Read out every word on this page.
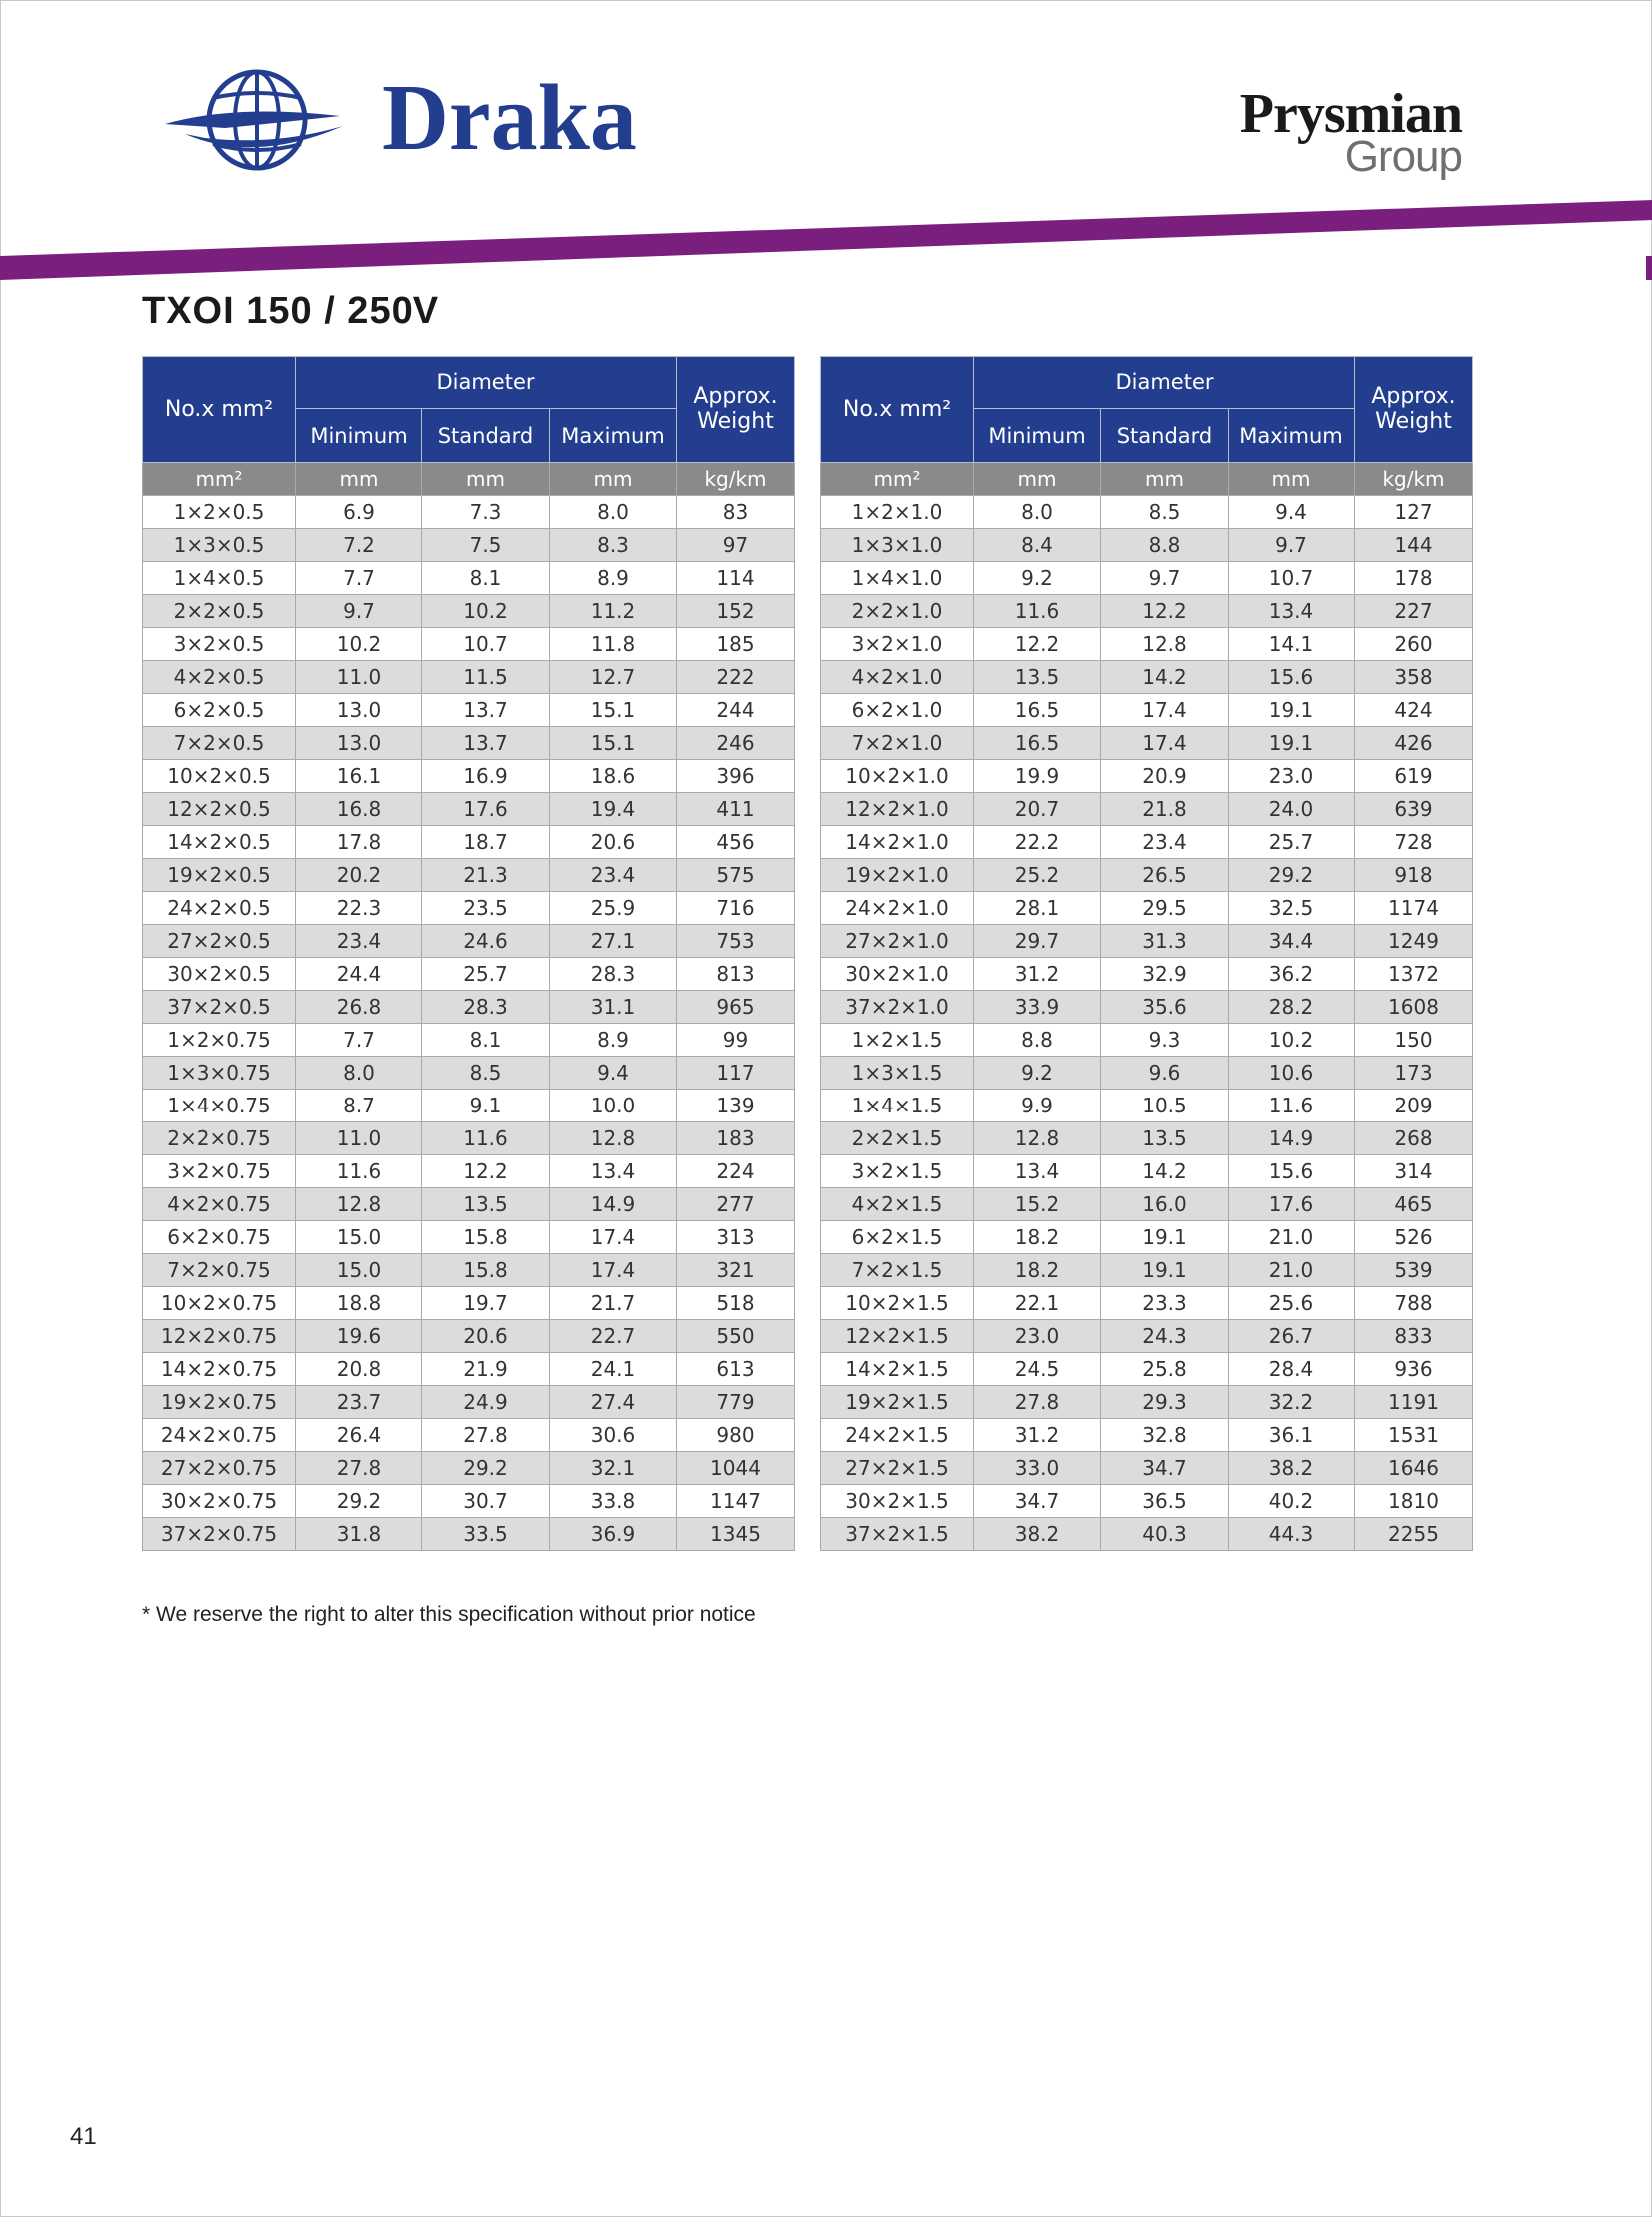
Draka	Prysmian
Group
TXOI 150 / 250V
No.x mm²	Diameter			Approx. Weight
	Minimum	Standard	Maximum	
mm²	mm	mm	mm	kg/km
1×2×0.5	6.9	7.3	8.0	83
1×3×0.5	7.2	7.5	8.3	97
1×4×0.5	7.7	8.1	8.9	114
2×2×0.5	9.7	10.2	11.2	152
3×2×0.5	10.2	10.7	11.8	185
4×2×0.5	11.0	11.5	12.7	222
6×2×0.5	13.0	13.7	15.1	244
7×2×0.5	13.0	13.7	15.1	246
10×2×0.5	16.1	16.9	18.6	396
12×2×0.5	16.8	17.6	19.4	411
14×2×0.5	17.8	18.7	20.6	456
19×2×0.5	20.2	21.3	23.4	575
24×2×0.5	22.3	23.5	25.9	716
27×2×0.5	23.4	24.6	27.1	753
30×2×0.5	24.4	25.7	28.3	813
37×2×0.5	26.8	28.3	31.1	965
1×2×0.75	7.7	8.1	8.9	99
1×3×0.75	8.0	8.5	9.4	117
1×4×0.75	8.7	9.1	10.0	139
2×2×0.75	11.0	11.6	12.8	183
3×2×0.75	11.6	12.2	13.4	224
4×2×0.75	12.8	13.5	14.9	277
6×2×0.75	15.0	15.8	17.4	313
7×2×0.75	15.0	15.8	17.4	321
10×2×0.75	18.8	19.7	21.7	518
12×2×0.75	19.6	20.6	22.7	550
14×2×0.75	20.8	21.9	24.1	613
19×2×0.75	23.7	24.9	27.4	779
24×2×0.75	26.4	27.8	30.6	980
27×2×0.75	27.8	29.2	32.1	1044
30×2×0.75	29.2	30.7	33.8	1147
37×2×0.75	31.8	33.5	36.9	1345
No.x mm²	Diameter			Approx. Weight
	Minimum	Standard	Maximum	
mm²	mm	mm	mm	kg/km
1×2×1.0	8.0	8.5	9.4	127
1×3×1.0	8.4	8.8	9.7	144
1×4×1.0	9.2	9.7	10.7	178
2×2×1.0	11.6	12.2	13.4	227
3×2×1.0	12.2	12.8	14.1	260
4×2×1.0	13.5	14.2	15.6	358
6×2×1.0	16.5	17.4	19.1	424
7×2×1.0	16.5	17.4	19.1	426
10×2×1.0	19.9	20.9	23.0	619
12×2×1.0	20.7	21.8	24.0	639
14×2×1.0	22.2	23.4	25.7	728
19×2×1.0	25.2	26.5	29.2	918
24×2×1.0	28.1	29.5	32.5	1174
27×2×1.0	29.7	31.3	34.4	1249
30×2×1.0	31.2	32.9	36.2	1372
37×2×1.0	33.9	35.6	28.2	1608
1×2×1.5	8.8	9.3	10.2	150
1×3×1.5	9.2	9.6	10.6	173
1×4×1.5	9.9	10.5	11.6	209
2×2×1.5	12.8	13.5	14.9	268
3×2×1.5	13.4	14.2	15.6	314
4×2×1.5	15.2	16.0	17.6	465
6×2×1.5	18.2	19.1	21.0	526
7×2×1.5	18.2	19.1	21.0	539
10×2×1.5	22.1	23.3	25.6	788
12×2×1.5	23.0	24.3	26.7	833
14×2×1.5	24.5	25.8	28.4	936
19×2×1.5	27.8	29.3	32.2	1191
24×2×1.5	31.2	32.8	36.1	1531
27×2×1.5	33.0	34.7	38.2	1646
30×2×1.5	34.7	36.5	40.2	1810
37×2×1.5	38.2	40.3	44.3	2255
* We reserve the right to alter this specification without prior notice
41
